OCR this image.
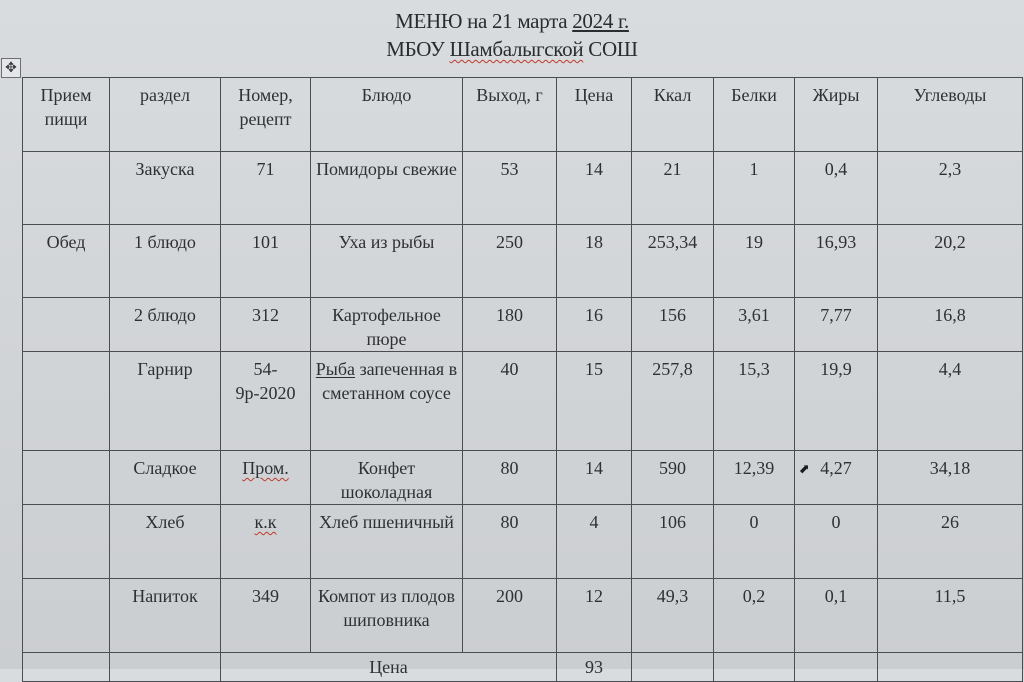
МЕНЮ на 21 марта 2024 г.
МБОУ Шамбалыгской СОШ
✥
Прием пищи	раздел	Номер, рецепт	Блюдо	Выход, г	Цена	Ккал	Белки	Жиры	Углеводы
	Закуска	71	Помидоры свежие	53	14	21	1	0,4	2,3
Обед	1 блюдо	101	Уха из рыбы	250	18	253,34	19	16,93	20,2
	2 блюдо	312	Картофельное пюре	180	16	156	3,61	7,77	16,8
	Гарнир	54-9р-2020	Рыба запеченная в сметанном соусе	40	15	257,8	15,3	19,9	4,4
	Сладкое	Пром.	Конфет шоколадная	80	14	590	12,39	⬈ 4,27	34,18
	Хлеб	к.к	Хлеб пшеничный	80	4	106	0	0	26
	Напиток	349	Компот из плодов шиповника	200	12	49,3	0,2	0,1	11,5
		Цена			93				
